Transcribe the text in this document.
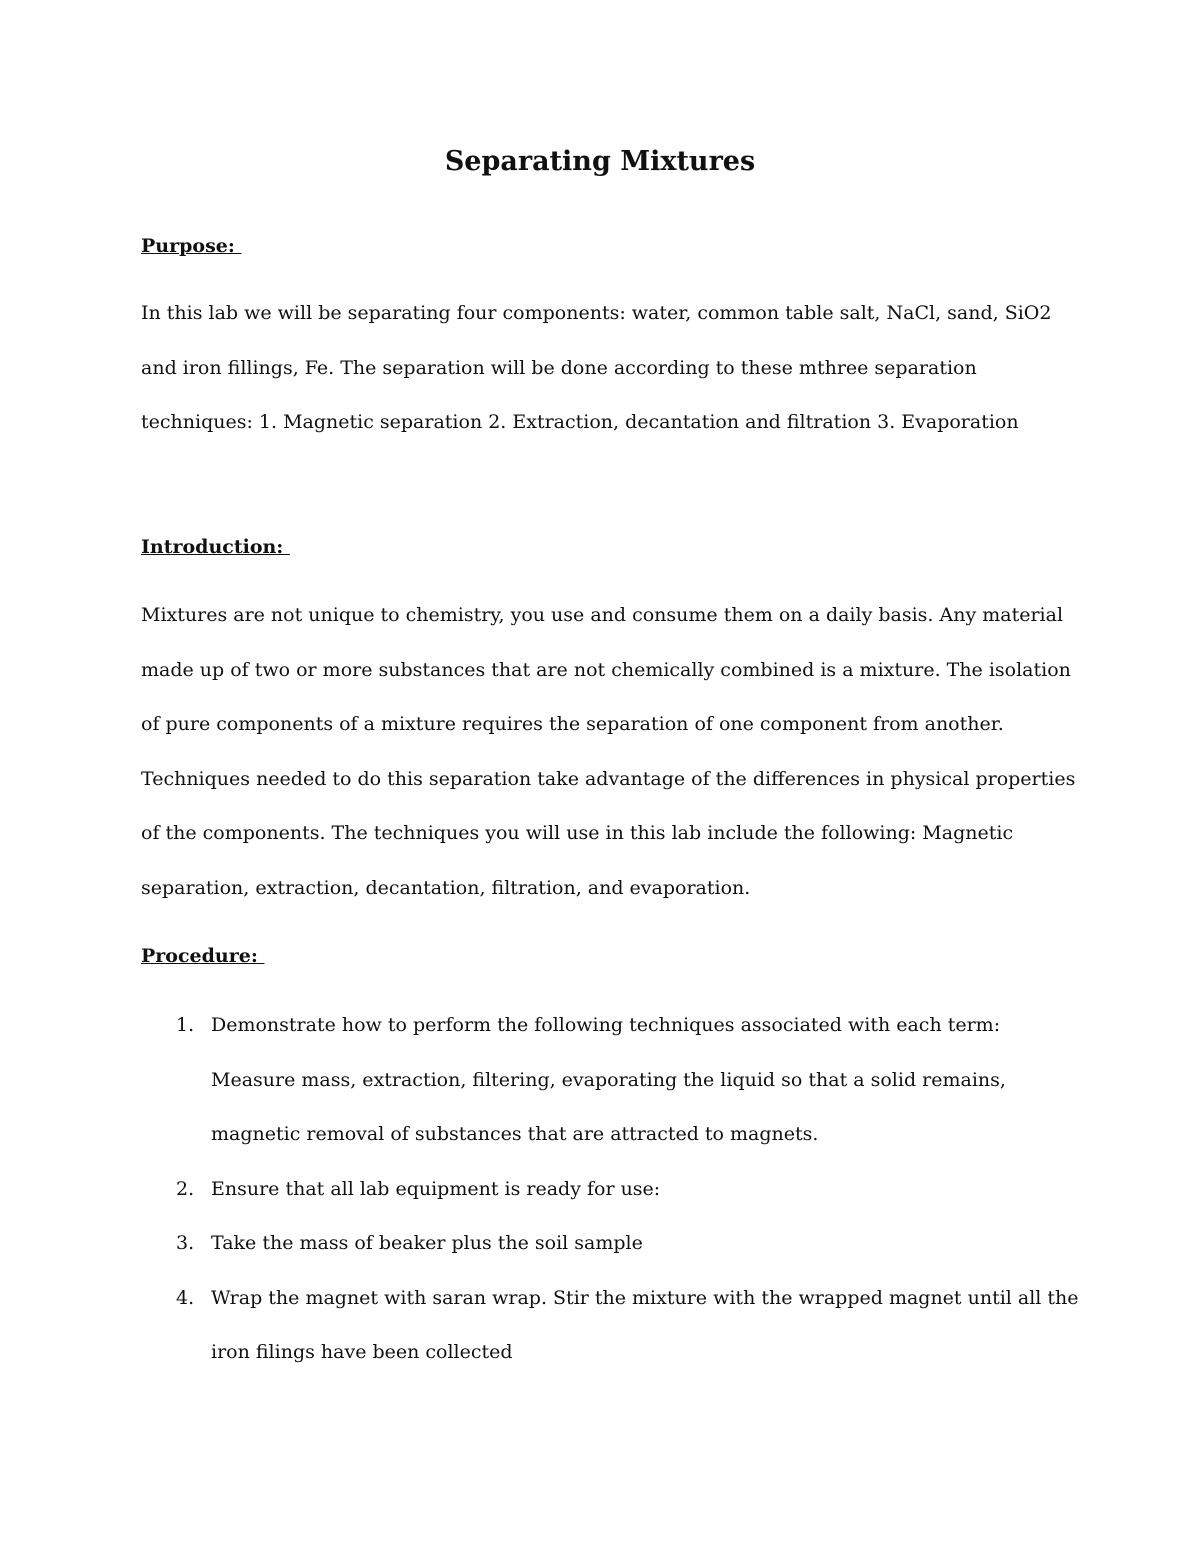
Separating Mixtures

Purpose:

In this lab we will be separating four components: water, common table salt, NaCl, sand, SiO2
and iron fillings, Fe. The separation will be done according to these mthree separation
techniques: 1. Magnetic separation 2. Extraction, decantation and filtration 3. Evaporation

Introduction:

Mixtures are not unique to chemistry, you use and consume them on a daily basis. Any material
made up of two or more substances that are not chemically combined is a mixture. The isolation
of pure components of a mixture requires the separation of one component from another.
Techniques needed to do this separation take advantage of the differences in physical properties
of the components. The techniques you will use in this lab include the following: Magnetic
separation, extraction, decantation, filtration, and evaporation.

Procedure:

1. Demonstrate how to perform the following techniques associated with each term:
Measure mass, extraction, filtering, evaporating the liquid so that a solid remains,
magnetic removal of substances that are attracted to magnets.
2. Ensure that all lab equipment is ready for use:
3. Take the mass of beaker plus the soil sample
4. Wrap the magnet with saran wrap. Stir the mixture with the wrapped magnet until all the
iron filings have been collected
